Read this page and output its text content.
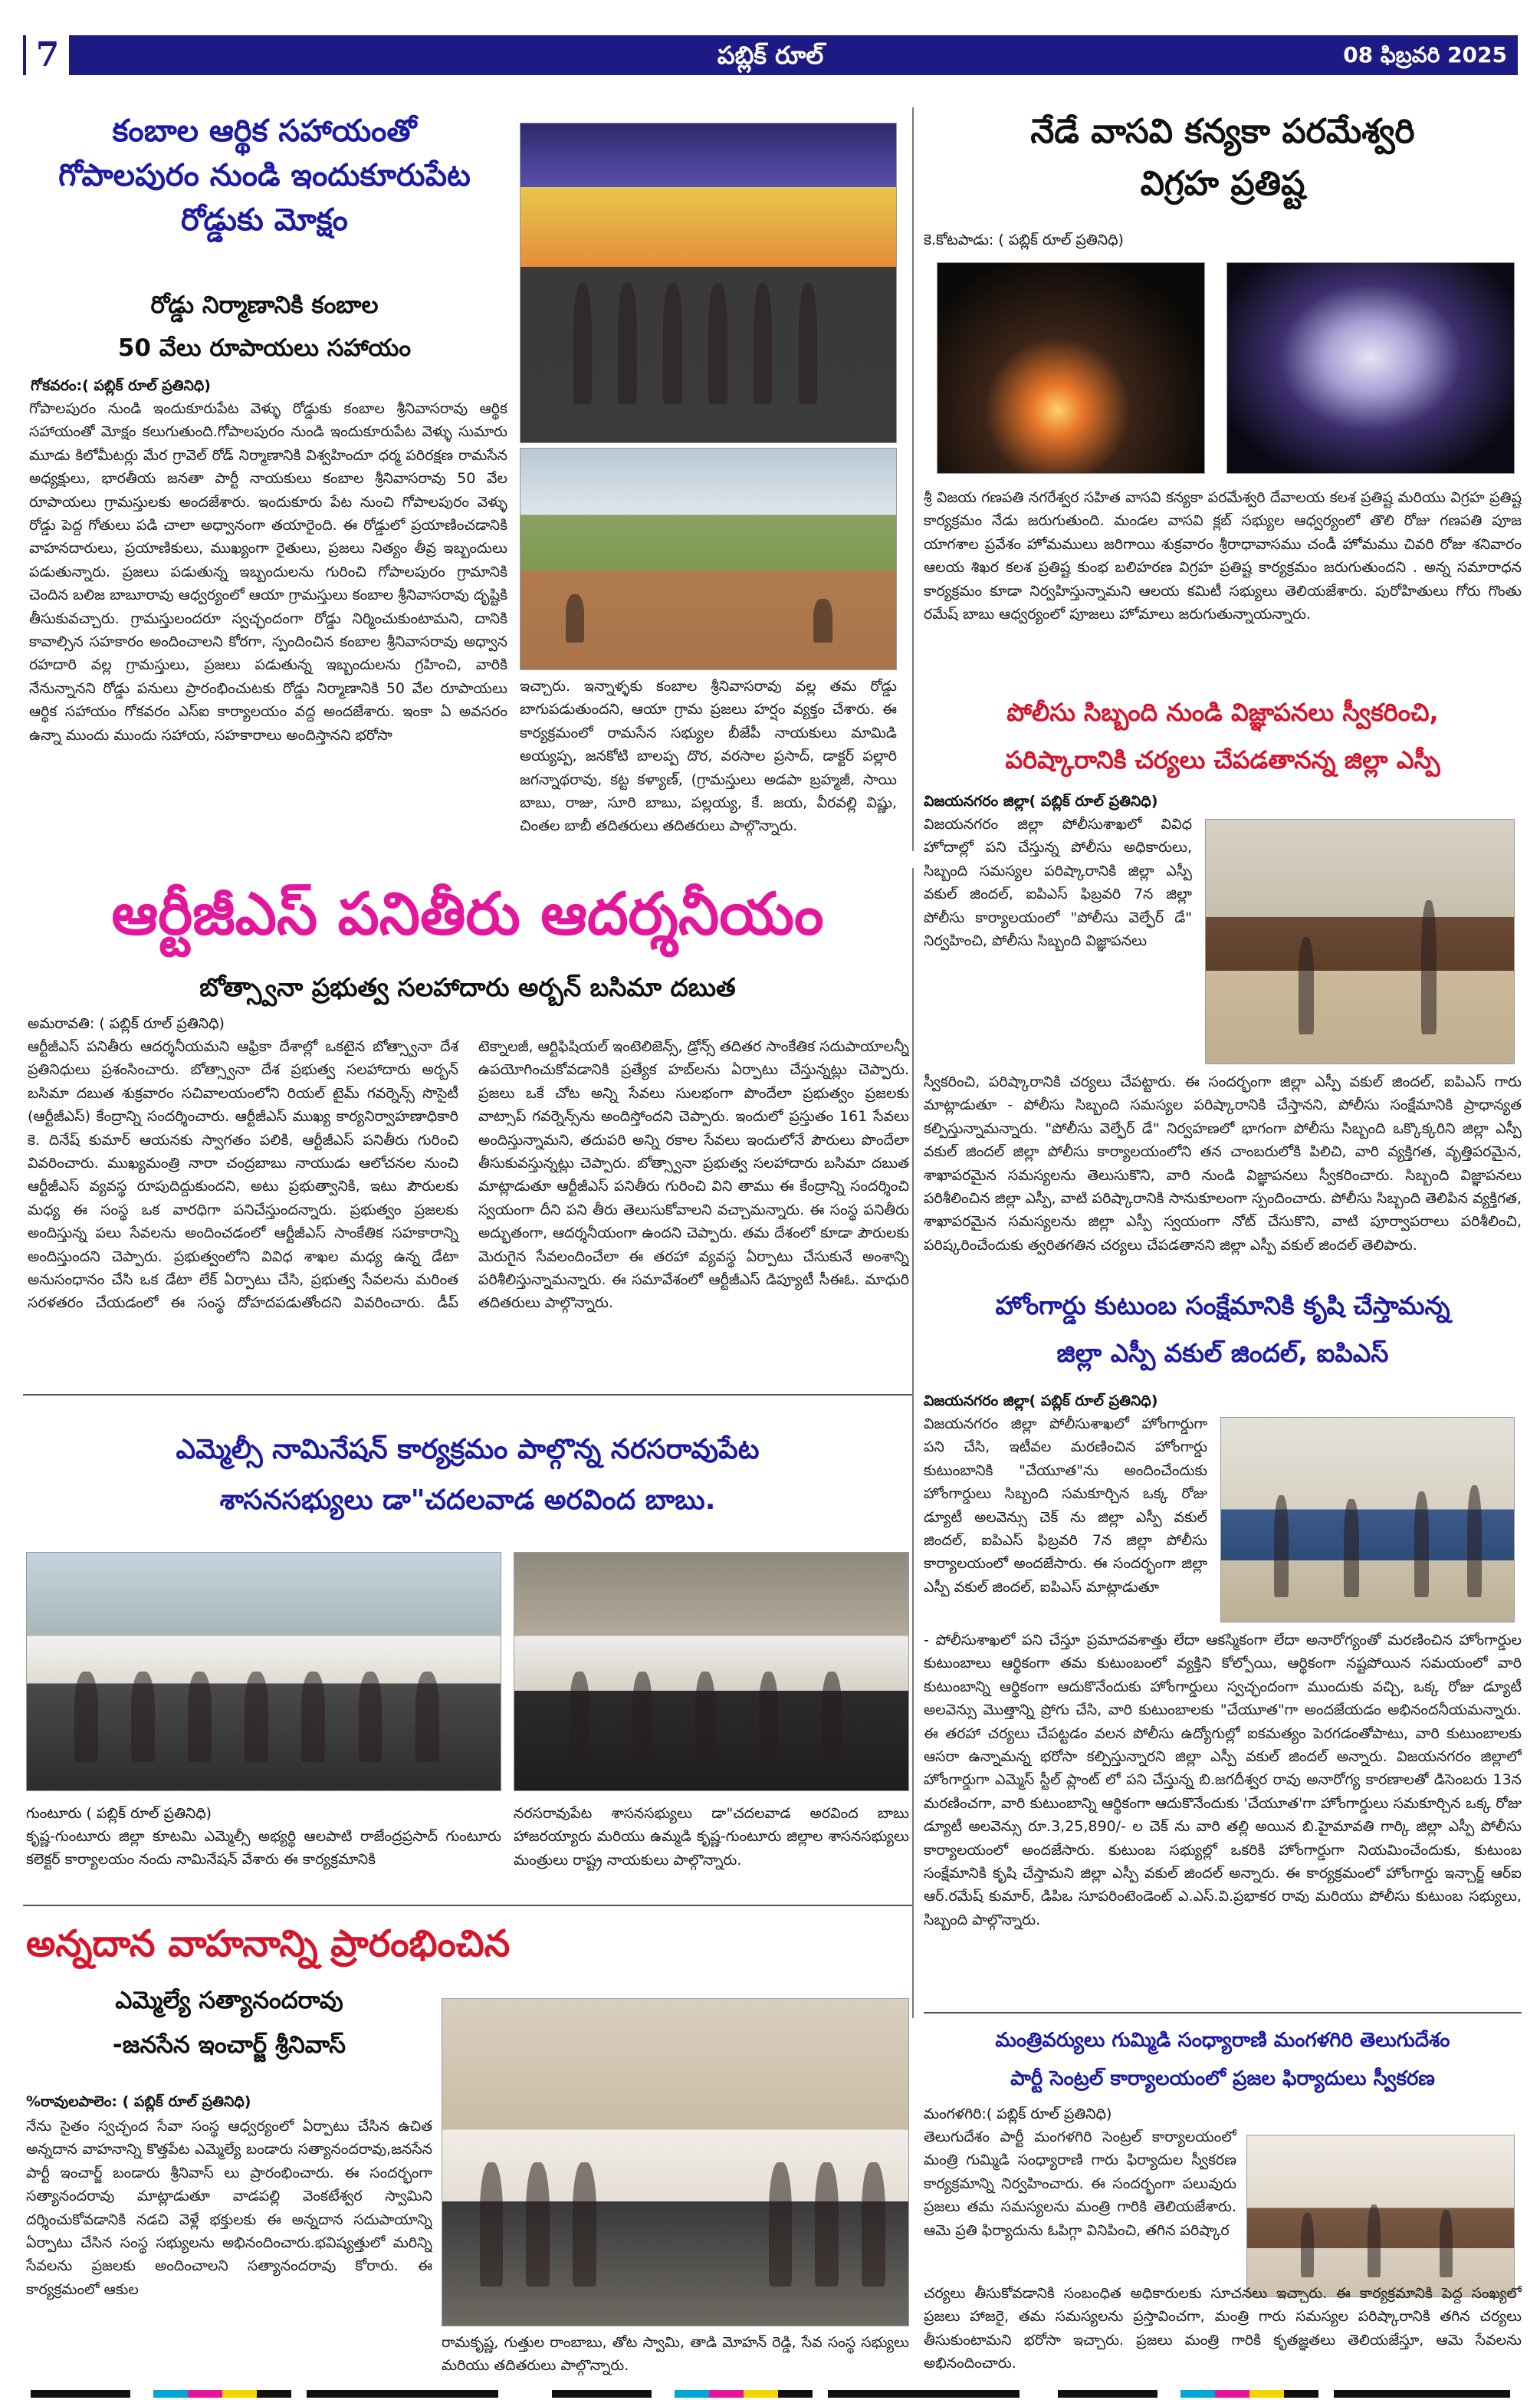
పబ్లిక్ రూల్
7	08 ఫిబ్రవరి 2025
కంబాల ఆర్థిక సహాయంతో
గోపాలపురం నుండి ఇందుకూరుపేట
రోడ్డుకు మోక్షం
రోడ్డు నిర్మాణానికి కంబాల
50 వేలు రూపాయలు సహాయం
గోకవరం:( పబ్లిక్ రూల్ ప్రతినిధి)
గోపాలపురం నుండి ఇందుకూరుపేట వెళ్ళు రోడ్డుకు కంబాల శ్రీనివాసరావు ఆర్థిక సహాయంతో మోక్షం కలుగుతుంది.గోపాలపురం నుండి ఇందుకూరుపేట వెళ్ళు సుమారు మూడు కిలోమీటర్లు మేర గ్రావెల్ రోడ్ నిర్మాణానికి విశ్వహిందూ ధర్మ పరిరక్షణ రామసేన అధ్యక్షులు, భారతీయ జనతా పార్టీ నాయకులు కంబాల శ్రీనివాసరావు 50 వేల రూపాయలు గ్రామస్తులకు అందజేశారు. ఇందుకూరు పేట నుంచి గోపాలపురం వెళ్ళు రోడ్డు పెద్ద గోతులు పడి చాలా అధ్వానంగా తయారైంది. ఈ రోడ్డులో ప్రయాణించడానికి వాహనదారులు, ప్రయాణికులు, ముఖ్యంగా రైతులు, ప్రజలు నిత్యం తీవ్ర ఇబ్బందులు పడుతున్నారు. ప్రజలు పడుతున్న ఇబ్బందులను గురించి గోపాలపురం గ్రామానికి చెందిన బలిజ బాబూరావు ఆధ్వర్యంలో ఆయా గ్రామస్తులు కంబాల శ్రీనివాసరావు దృష్టికి తీసుకువచ్చారు. గ్రామస్తులందరూ స్వచ్ఛందంగా రోడ్డు నిర్మించుకుంటామని, దానికి కావాల్సిన సహకారం అందించాలని కోరగా, స్పందించిన కంబాల శ్రీనివాసరావు అధ్వాన రహదారి వల్ల గ్రామస్తులు, ప్రజలు పడుతున్న ఇబ్బందులను గ్రహించి, వారికి నేనున్నానని రోడ్డు పనులు ప్రారంభించుటకు రోడ్డు నిర్మాణానికి 50 వేల రూపాయలు ఆర్థిక సహాయం గోకవరం ఎస్ఐ కార్యాలయం వద్ద అందజేశారు. ఇంకా ఏ అవసరం ఉన్నా ముందు ముందు సహాయ, సహకారాలు అందిస్తానని భరోసా
ఇచ్చారు. ఇన్నాళ్ళకు కంబాల శ్రీనివాసరావు వల్ల తమ రోడ్డు బాగుపడుతుందని, ఆయా గ్రామ ప్రజలు హర్షం వ్యక్తం చేశారు. ఈ కార్యక్రమంలో రామసేన సభ్యుల బీజేపీ నాయకులు మామిడి అయ్యప్ప, జనకోటి బాలప్ప దొర, వరసాల ప్రసాద్, డాక్టర్ పల్లారి జగన్నాథరావు, కట్ట కళ్యాణ్, (గ్రామస్తులు అడపా బ్రహ్మజీ, సాయి బాబు, రాజు, సూరి బాబు, పల్లయ్య, కే. జయ, వీరవల్లి విష్ణు, చింతల బాబీ తదితరులు తదితరులు పాల్గొన్నారు.
నేడే వాసవి కన్యకా పరమేశ్వరి
విగ్రహ ప్రతిష్ట
కె.కోటపాడు: ( పబ్లిక్ రూల్ ప్రతినిధి)
శ్రీ విజయ గణపతి నగరేశ్వర సహిత వాసవి కన్యకా పరమేశ్వరి దేవాలయ కలశ ప్రతిష్ట మరియు విగ్రహ ప్రతిష్ట కార్యక్రమం నేడు జరుగుతుంది. మండల వాసవి క్లబ్ సభ్యుల ఆధ్వర్యంలో తొలి రోజు గణపతి పూజ యాగశాల ప్రవేశం హోమములు జరిగాయి శుక్రవారం శ్రీరాధావాసము చండీ హోమము చివరి రోజు శనివారం ఆలయ శిఖర కలశ ప్రతిష్ట కుంభ బలిహరణ విగ్రహ ప్రతిష్ట కార్యక్రమం జరుగుతుందని . అన్న సమారాధన కార్యక్రమం కూడా నిర్వహిస్తున్నామని ఆలయ కమిటీ సభ్యులు తెలియజేశారు. పురోహితులు గోరు గొంతు రమేష్ బాబు ఆధ్వర్యంలో పూజలు హోమాలు జరుగుతున్నాయన్నారు.
పోలీసు సిబ్బంది నుండి విజ్ఞాపనలు స్వీకరించి,
పరిష్కారానికి చర్యలు చేపడతానన్న జిల్లా ఎస్పీ
విజయనగరం జిల్లా( పబ్లిక్ రూల్ ప్రతినిధి)
విజయనగరం జిల్లా పోలీసుశాఖలో వివిధ హోదాల్లో పని చేస్తున్న పోలీసు అధికారులు, సిబ్బంది సమస్యల పరిష్కారానికి జిల్లా ఎస్పీ వకుల్ జిందల్, ఐపిఎస్ ఫిబ్రవరి 7న జిల్లా పోలీసు కార్యాలయంలో "పోలీసు వెల్ఫేర్ డే" నిర్వహించి, పోలీసు సిబ్బంది విజ్ఞాపనలు
స్వీకరించి, పరిష్కారానికి చర్యలు చేపట్టారు. ఈ సందర్భంగా జిల్లా ఎస్పీ వకుల్ జిందల్, ఐపిఎస్ గారు మాట్లాడుతూ - పోలీసు సిబ్బంది సమస్యల పరిష్కారానికి చేస్తానని, పోలీసు సంక్షేమానికి ప్రాధాన్యత కల్పిస్తున్నామన్నారు. "పోలీసు వెల్ఫేర్ డే" నిర్వహణలో భాగంగా పోలీసు సిబ్బంది ఒక్కొక్కరిని జిల్లా ఎస్పీ వకుల్ జిందల్ జిల్లా పోలీసు కార్యాలయంలోని తన చాంబరులోకి పిలిచి, వారి వ్యక్తిగత, వృత్తిపరమైన, శాఖాపరమైన సమస్యలను తెలుసుకొని, వారి నుండి విజ్ఞాపనలు స్వీకరించారు. సిబ్బంది విజ్ఞాపనలు పరిశీలించిన జిల్లా ఎస్పీ, వాటి పరిష్కారానికి సానుకూలంగా స్పందించారు. పోలీసు సిబ్బంది తెలిపిన వ్యక్తిగత, శాఖాపరమైన సమస్యలను జిల్లా ఎస్పీ స్వయంగా నోట్ చేసుకొని, వాటి పూర్వాపరాలు పరిశీలించి, పరిష్కరించేందుకు త్వరితగతిన చర్యలు చేపడతానని జిల్లా ఎస్పీ వకుల్ జిందల్ తెలిపారు.
ఆర్టీజీఎస్ పనితీరు ఆదర్శనీయం
బోత్స్వానా ప్రభుత్వ సలహాదారు అర్బన్ బసిమా దబుత
అమరావతి: ( పబ్లిక్ రూల్ ప్రతినిధి)
ఆర్టీజీఎస్ పనితీరు ఆదర్శనీయమని ఆఫ్రికా దేశాల్లో ఒకటైన బోత్స్వానా దేశ ప్రతినిధులు ప్రశంసించారు. బోత్స్వానా దేశ ప్రభుత్వ సలహాదారు అర్బన్ బసిమా దబుత శుక్రవారం సచివాలయంలోని రియల్ టైమ్ గవర్నెన్స్ సొసైటీ (ఆర్టీజీఎస్) కేంద్రాన్ని సందర్శించారు. ఆర్టీజీఎస్ ముఖ్య కార్యనిర్వాహణాధికారి కె. దినేష్ కుమార్ ఆయనకు స్వాగతం పలికి, ఆర్టీజీఎస్ పనితీరు గురించి వివరించారు. ముఖ్యమంత్రి నారా చంద్రబాబు నాయుడు ఆలోచనల నుంచి ఆర్టీజీఎస్ వ్యవస్థ రూపుదిద్దుకుందని, అటు ప్రభుత్వానికి, ఇటు పౌరులకు మధ్య ఈ సంస్థ ఒక వారధిగా పనిచేస్తుందన్నారు. ప్రభుత్వం ప్రజలకు అందిస్తున్న పలు సేవలను అందించడంలో ఆర్టీజీఎస్ సాంకేతిక సహకారాన్ని అందిస్తుందని చెప్పారు. ప్రభుత్వంలోని వివిధ శాఖల మధ్య ఉన్న డేటా అనుసంధానం చేసి ఒక డేటా లేక్ ఏర్పాటు చేసి, ప్రభుత్వ సేవలను మరింత సరళతరం చేయడంలో ఈ సంస్థ దోహదపడుతోందని వివరించారు. డీప్ టెక్నాలజీ, ఆర్టిఫిషియల్ ఇంటెలిజెన్స్, డ్రోన్స్ తదితర సాంకేతిక సదుపాయాలన్నీ ఉపయోగించుకోవడానికి ప్రత్యేక హబ్‌లను ఏర్పాటు చేస్తున్నట్లు చెప్పారు. ప్రజలు ఒకే చోట అన్ని సేవలు సులభంగా పొందేలా ప్రభుత్వం ప్రజలకు వాట్సాప్ గవర్నెన్స్‌ను అందిస్తోందని చెప్పారు. ఇందులో ప్రస్తుతం 161 సేవలు అందిస్తున్నామని, తదుపరి అన్ని రకాల సేవలు ఇందులోనే పౌరులు పొందేలా తీసుకువస్తున్నట్లు చెప్పారు. బోత్స్వానా ప్రభుత్వ సలహాదారు బసిమా దబుత మాట్లాడుతూ ఆర్టీజీఎస్ పనితీరు గురించి విని తాము ఈ కేంద్రాన్ని సందర్శించి స్వయంగా దీని పని తీరు తెలుసుకోవాలని వచ్చామన్నారు. ఈ సంస్థ పనితీరు అద్భుతంగా, ఆదర్శనీయంగా ఉందని చెప్పారు. తమ దేశంలో కూడా పౌరులకు మెరుగైన సేవలందించేలా ఈ తరహా వ్యవస్థ ఏర్పాటు చేసుకునే అంశాన్ని పరిశీలిస్తున్నామన్నారు. ఈ సమావేశంలో ఆర్టీజీఎస్ డిప్యూటీ సీఈఓ. మాధురి తదితరులు పాల్గొన్నారు.	హోంగార్డు కుటుంబ సంక్షేమానికి కృషి చేస్తామన్న
జిల్లా ఎస్పీ వకుల్ జిందల్, ఐపిఎస్
విజయనగరం జిల్లా( పబ్లిక్ రూల్ ప్రతినిధి)
విజయనగరం జిల్లా పోలీసుశాఖలో హోంగార్డుగా పని చేసి, ఇటీవల మరణించిన హోంగార్డు కుటుంబానికి "చేయూత"ను అందించేందుకు హోంగార్డులు సిబ్బంది సమకూర్చిన ఒక్క రోజు డ్యూటీ అలవెన్సు చెక్ ను జిల్లా ఎస్పీ వకుల్ జిందల్, ఐపిఎస్ ఫిబ్రవరి 7న జిల్లా పోలీసు కార్యాలయంలో అందజేసారు. ఈ సందర్భంగా జిల్లా ఎస్పీ వకుల్ జిందల్, ఐపిఎస్ మాట్లాడుతూ
- పోలీసుశాఖలో పని చేస్తూ ప్రమాదవశాత్తు లేదా ఆకస్మికంగా లేదా అనారోగ్యంతో మరణించిన హోంగార్డుల కుటుంబాలు ఆర్థికంగా తమ కుటుంబంలో వ్యక్తిని కోల్పోయి, ఆర్థికంగా నష్టపోయిన సమయంలో వారి కుటుంబాన్ని ఆర్థికంగా ఆదుకొనేందుకు హోంగార్డులు స్వచ్ఛందంగా ముందుకు వచ్చి, ఒక్క రోజు డ్యూటీ అలవెన్సు మొత్తాన్ని ప్రోగు చేసి, వారి కుటుంబాలకు "చేయూత"గా అందజేయడం అభినందనీయమన్నారు. ఈ తరహా చర్యలు చేపట్టడం వలన పోలీసు ఉద్యోగుల్లో ఐకమత్యం పెరగడంతోపాటు, వారి కుటుంబాలకు ఆసరా ఉన్నామన్న భరోసా కల్పిస్తున్నారని జిల్లా ఎస్పీ వకుల్ జిందల్ అన్నారు. విజయనగరం జిల్లాలో హోంగార్డుగా ఎమ్మెస్ స్టీల్ ప్లాంట్ లో పని చేస్తున్న బి.జగదీశ్వర రావు అనారోగ్య కారణాలతో డిసెంబరు 13న మరణించగా, వారి కుటుంబాన్ని ఆర్థికంగా ఆదుకొనేందుకు 'చేయూత'గా హోంగార్డులు సమకూర్చిన ఒక్క రోజు డ్యూటీ అలవెన్సు రూ.3,25,890/- ల చెక్ ను వారి తల్లి అయిన బి.హైమావతి గార్కి జిల్లా ఎస్పీ పోలీసు కార్యాలయంలో అందజేసారు. కుటుంబ సభ్యుల్లో ఒకరికి హోంగార్డుగా నియమించేందుకు, కుటుంబ సంక్షేమానికి కృషి చేస్తామని జిల్లా ఎస్పీ వకుల్ జిందల్ అన్నారు. ఈ కార్యక్రమంలో హోంగార్డు ఇన్చార్జ్ ఆర్ఐ ఆర్.రమేష్ కుమార్, డిపిఒ సూపరింటెండెంట్ ఎ.ఎస్.వి.ప్రభాకర రావు మరియు పోలీసు కుటుంబ సభ్యులు, సిబ్బంది పాల్గొన్నారు.
ఎమ్మెల్సీ నామినేషన్ కార్యక్రమం పాల్గొన్న నరసరావుపేట
శాసనసభ్యులు డా"చదలవాడ అరవింద బాబు.
గుంటూరు ( పబ్లిక్ రూల్ ప్రతినిధి)
కృష్ణ-గుంటూరు జిల్లా కూటమి ఎమ్మెల్సీ అభ్యర్థి ఆలపాటి రాజేంద్రప్రసాద్ గుంటూరు కలెక్టర్ కార్యాలయం నందు నామినేషన్ వేశారు ఈ కార్యక్రమానికి
నరసరావుపేట శాసనసభ్యులు డా"చదలవాడ అరవింద బాబు హాజరయ్యారు మరియు ఉమ్మడి కృష్ణ-గుంటూరు జిల్లాల శాసనసభ్యులు మంత్రులు రాష్ట్ర నాయకులు పాల్గొన్నారు.
అన్నదాన వాహనాన్ని ప్రారంభించిన
ఎమ్మెల్యే సత్యానందరావు
-జనసేన ఇంచార్జ్ శ్రీనివాస్
%రావులపాలెం: ( పబ్లిక్ రూల్ ప్రతినిధి)
నేను సైతం స్వచ్ఛంద సేవా సంస్థ ఆధ్వర్యంలో ఏర్పాటు చేసిన ఉచిత అన్నదాన వాహనాన్ని కొత్తపేట ఎమ్మెల్యే బండారు సత్యానందరావు,జనసేన పార్టీ ఇంచార్జ్ బండారు శ్రీనివాస్ లు ప్రారంభించారు. ఈ సందర్భంగా సత్యానందరావు మాట్లాడుతూ వాడపల్లి వెంకటేశ్వర స్వామిని దర్శించుకోవడానికి నడచి వెళ్లే భక్తులకు ఈ అన్నదాన సదుపాయాన్ని ఏర్పాటు చేసిన సంస్థ సభ్యులను అభినందించారు.భవిష్యత్తులో మరిన్ని సేవలను ప్రజలకు అందించాలని సత్యానందరావు కోరారు. ఈ కార్యక్రమంలో ఆకుల
రామకృష్ణ, గుత్తుల రాంబాబు, తోట స్వామి, తాడి మోహన్ రెడ్డి, సేవ సంస్థ సభ్యులు మరియు తదితరులు పాల్గొన్నారు.
మంత్రివర్యులు గుమ్మిడి సంధ్యారాణి మంగళగిరి తెలుగుదేశం
పార్టీ సెంట్రల్ కార్యాలయంలో ప్రజల ఫిర్యాదులు స్వీకరణ
మంగళగిరి:( పబ్లిక్ రూల్ ప్రతినిధి)
తెలుగుదేశం పార్టీ మంగళగిరి సెంట్రల్ కార్యాలయంలో మంత్రి గుమ్మిడి సంధ్యారాణి గారు ఫిర్యాదుల స్వీకరణ కార్యక్రమాన్ని నిర్వహించారు. ఈ సందర్భంగా పలువురు ప్రజలు తమ సమస్యలను మంత్రి గారికి తెలియజేశారు. ఆమె ప్రతి ఫిర్యాదును ఓపిగ్గా వినిపించి, తగిన పరిష్కార
చర్యలు తీసుకోవడానికి సంబంధిత అధికారులకు సూచనలు ఇచ్చారు. ఈ కార్యక్రమానికి పెద్ద సంఖ్యలో ప్రజలు హాజరై, తమ సమస్యలను ప్రస్తావించగా, మంత్రి గారు సమస్యల పరిష్కారానికి తగిన చర్యలు తీసుకుంటామని భరోసా ఇచ్చారు. ప్రజలు మంత్రి గారికి కృతజ్ఞతలు తెలియజేస్తూ, ఆమె సేవలను అభినందించారు.
